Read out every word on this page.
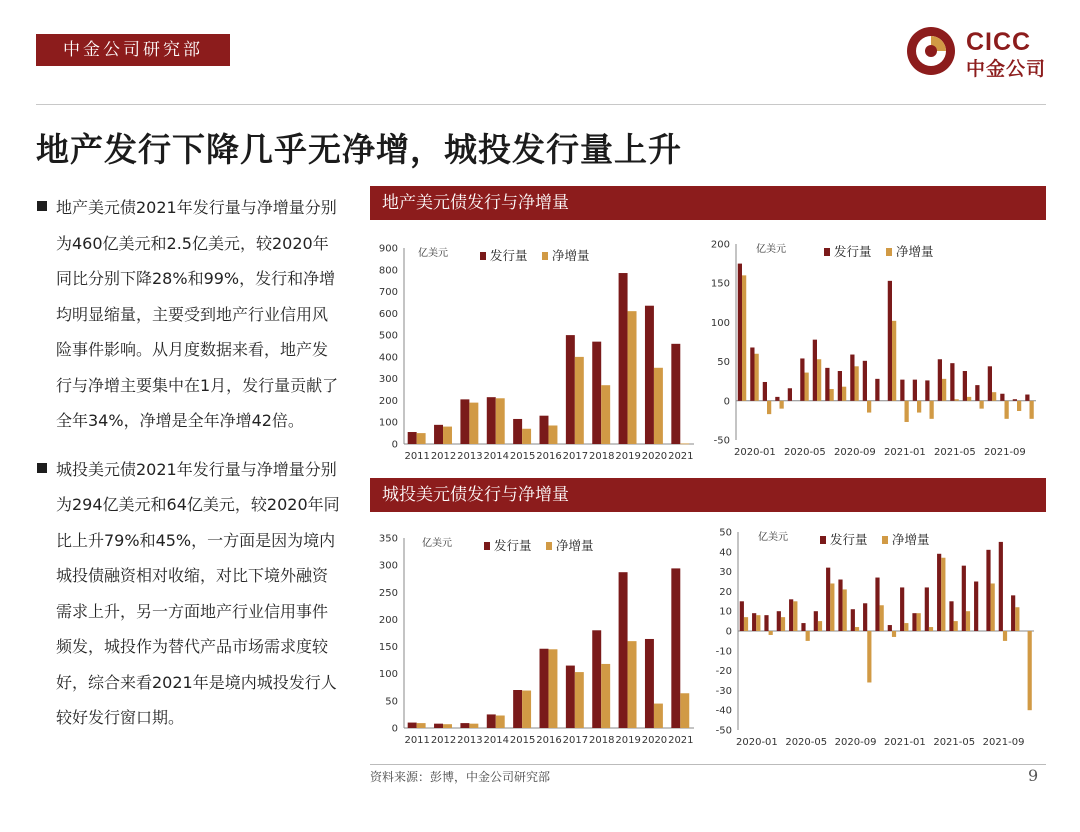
中金公司研究部	CICC
中金公司
地产发行下降几乎无净增，城投发行量上升
地产美元债2021年发行量与净增量分别为460亿美元和2.5亿美元，较2020年同比分别下降28%和99%，发行和净增均明显缩量，主要受到地产行业信用风险事件影响。从月度数据来看，地产发行与净增主要集中在1月，发行量贡献了全年34%，净增是全年净增42倍。
城投美元债2021年发行量与净增量分别为294亿美元和64亿美元，较2020年同比上升79%和45%，一方面是因为境内城投债融资相对收缩，对比下境外融资需求上升，另一方面地产行业信用事件频发，城投作为替代产品市场需求度较好，综合来看2021年是境内城投发行人较好发行窗口期。
地产美元债发行与净增量
城投美元债发行与净增量
0
100
200
300
400
500
600
700
800
900
2011 2012 2013 2014 2015 2016 2017 2018 2019 2020 2021
亿美元	发行量 净增量
-50
0
50
100
150
200
2020-01 2020-05 2020-09 2021-01 2021-05 2021-09
亿美元	发行量 净增量
0
50
100
150
200
250
300
350
2011 2012 2013 2014 2015 2016 2017 2018 2019 2020 2021
亿美元	发行量 净增量
-50
-40
-30
-20
-10
0
10
20
30
40
50
2020-01 2020-05 2020-09 2021-01 2021-05 2021-09
亿美元	发行量 净增量
资料来源：彭博，中金公司研究部	9
